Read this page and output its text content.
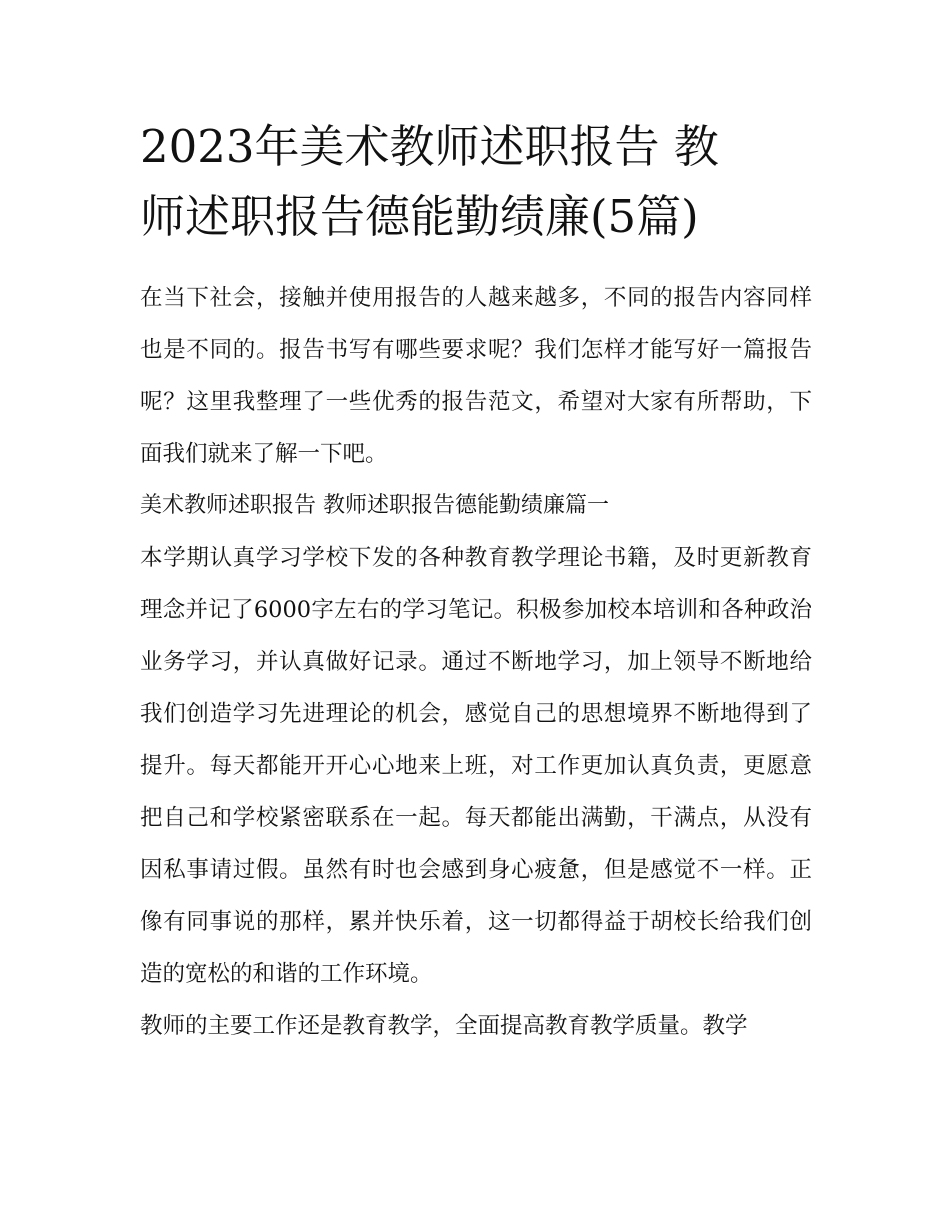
2023年美术教师述职报告 教
师述职报告德能勤绩廉(5篇)

在当下社会，接触并使用报告的人越来越多，不同的报告内容同样也是不同的。报告书写有哪些要求呢？我们怎样才能写好一篇报告呢？这里我整理了一些优秀的报告范文，希望对大家有所帮助，下面我们就来了解一下吧。

美术教师述职报告 教师述职报告德能勤绩廉篇一

本学期认真学习学校下发的各种教育教学理论书籍，及时更新教育理念并记了6000字左右的学习笔记。积极参加校本培训和各种政治业务学习，并认真做好记录。通过不断地学习，加上领导不断地给我们创造学习先进理论的机会，感觉自己的思想境界不断地得到了提升。每天都能开开心心地来上班，对工作更加认真负责，更愿意把自己和学校紧密联系在一起。每天都能出满勤，干满点，从没有因私事请过假。虽然有时也会感到身心疲惫，但是感觉不一样。正像有同事说的那样，累并快乐着，这一切都得益于胡校长给我们创造的宽松的和谐的工作环境。

教师的主要工作还是教育教学，全面提高教育教学质量。教学
